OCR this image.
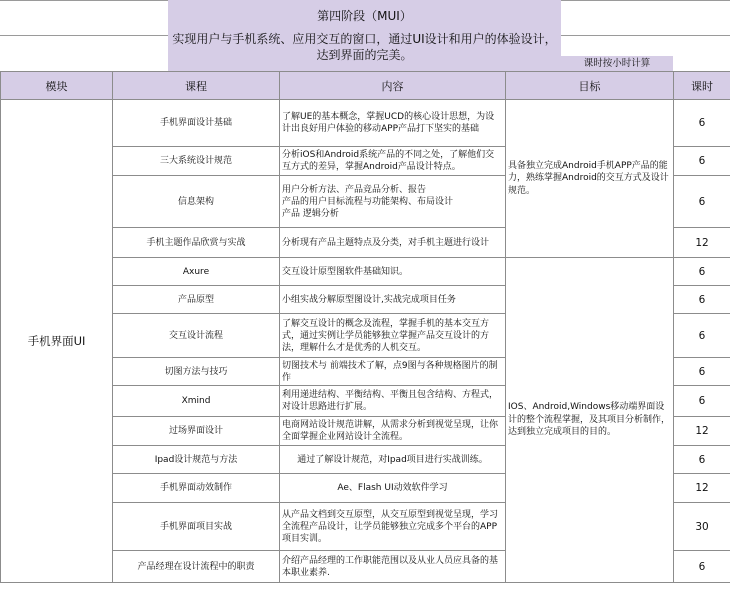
第四阶段（MUI）
实现用户与手机系统、应用交互的窗口，通过UI设计和用户的体验设计，达到界面的完美。
课时按小时计算
模块	课程	内容	目标	课时
手机界面UI	手机界面设计基础	了解UE的基本概念，掌握UCD的核心设计思想，为设计出良好用户体验的移动APP产品打下坚实的基础	具备独立完成Android手机APP产品的能力，熟练掌握Android的交互方式及设计规范。	6
	三大系统设计规范	分析iOS和Android系统产品的不同之处，了解他们交互方式的差异，掌握Android产品设计特点。		6
	信息架构	用户分析方法、产品竞品分析、报告
产品的用户目标流程与功能架构、布局设计
产品 逻辑分析		6
	手机主题作品欣赏与实战	分析现有产品主题特点及分类，对手机主题进行设计		12
	Axure	交互设计原型图软件基础知识。	IOS、Android,Windows移动端界面设计的整个流程掌握，及其项目分析制作，达到独立完成项目的目的。	6
	产品原型	小组实战分解原型图设计,实战完成项目任务		6
	交互设计流程	了解交互设计的概念及流程，掌握手机的基本交互方式，通过实例让学员能够独立掌握产品交互设计的方法，理解什么才是优秀的人机交互。		6
	切图方法与技巧	切图技术与 前端技术了解，点9图与各种规格图片的制作		6
	Xmind	利用递进结构、平衡结构、平衡且包含结构、方程式，对设计思路进行扩展。		6
	过场界面设计	电商网站设计规范讲解，从需求分析到视觉呈现，让你全面掌握企业网站设计全流程。		12
	Ipad设计规范与方法	通过了解设计规范，对Ipad项目进行实战训练。		6
	手机界面动效制作	Ae、Flash UI动效软件学习		12
	手机界面项目实战	从产品文档到交互原型，从交互原型到视觉呈现，学习全流程产品设计，让学员能够独立完成多个平台的APP项目实训。		30
	产品经理在设计流程中的职责	介绍产品经理的工作职能范围以及从业人员应具备的基本职业素养.		6
